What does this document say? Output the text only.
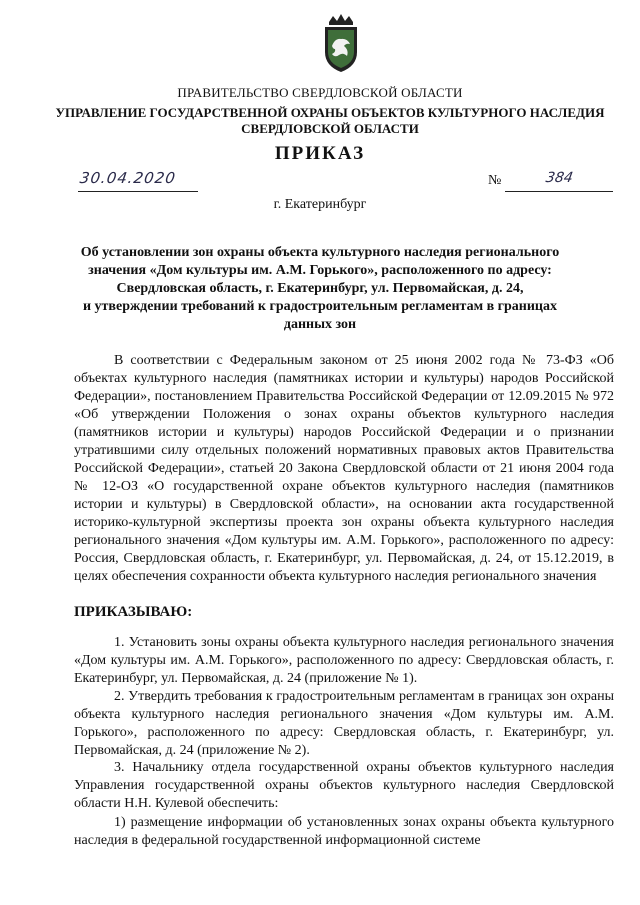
ПРАВИТЕЛЬСТВО СВЕРДЛОВСКОЙ ОБЛАСТИ
УПРАВЛЕНИЕ ГОСУДАРСТВЕННОЙ ОХРАНЫ ОБЪЕКТОВ КУЛЬТУРНОГО НАСЛЕДИЯ
СВЕРДЛОВСКОЙ ОБЛАСТИ
ПРИКАЗ
30.04.2020	№	384
г. Екатеринбург
Об установлении зон охраны объекта культурного наследия регионального
значения «Дом культуры им. А.М. Горького», расположенного по адресу:
Свердловская область, г. Екатеринбург, ул. Первомайская, д. 24,
и утверждении требований к градостроительным регламентам в границах
данных зон

В соответствии с Федеральным законом от 25 июня 2002 года № 73-ФЗ «Об объектах культурного наследия (памятниках истории и культуры) народов Российской Федерации», постановлением Правительства Российской Федерации от 12.09.2015 № 972 «Об утверждении Положения о зонах охраны объектов культурного наследия (памятников истории и культуры) народов Российской Федерации и о признании утратившими силу отдельных положений нормативных правовых актов Правительства Российской Федерации», статьей 20 Закона Свердловской области от 21 июня 2004 года № 12-ОЗ «О государственной охране объектов культурного наследия (памятников истории и культуры) в Свердловской области», на основании акта государственной историко-культурной экспертизы проекта зон охраны объекта культурного наследия регионального значения «Дом культуры им. А.М. Горького», расположенного по адресу: Россия, Свердловская область, г. Екатеринбург, ул. Первомайская, д. 24, от 15.12.2019, в целях обеспечения сохранности объекта культурного наследия регионального значения

ПРИКАЗЫВАЮ:

1. Установить зоны охраны объекта культурного наследия регионального значения «Дом культуры им. А.М. Горького», расположенного по адресу: Свердловская область, г. Екатеринбург, ул. Первомайская, д. 24 (приложение № 1).

2. Утвердить требования к градостроительным регламентам в границах зон охраны объекта культурного наследия регионального значения «Дом культуры им. А.М. Горького», расположенного по адресу: Свердловская область, г. Екатеринбург, ул. Первомайская, д. 24 (приложение № 2).

3. Начальнику отдела государственной охраны объектов культурного наследия Управления государственной охраны объектов культурного наследия Свердловской области Н.Н. Кулевой обеспечить:

1) размещение информации об установленных зонах охраны объекта культурного наследия в федеральной государственной информационной системе
